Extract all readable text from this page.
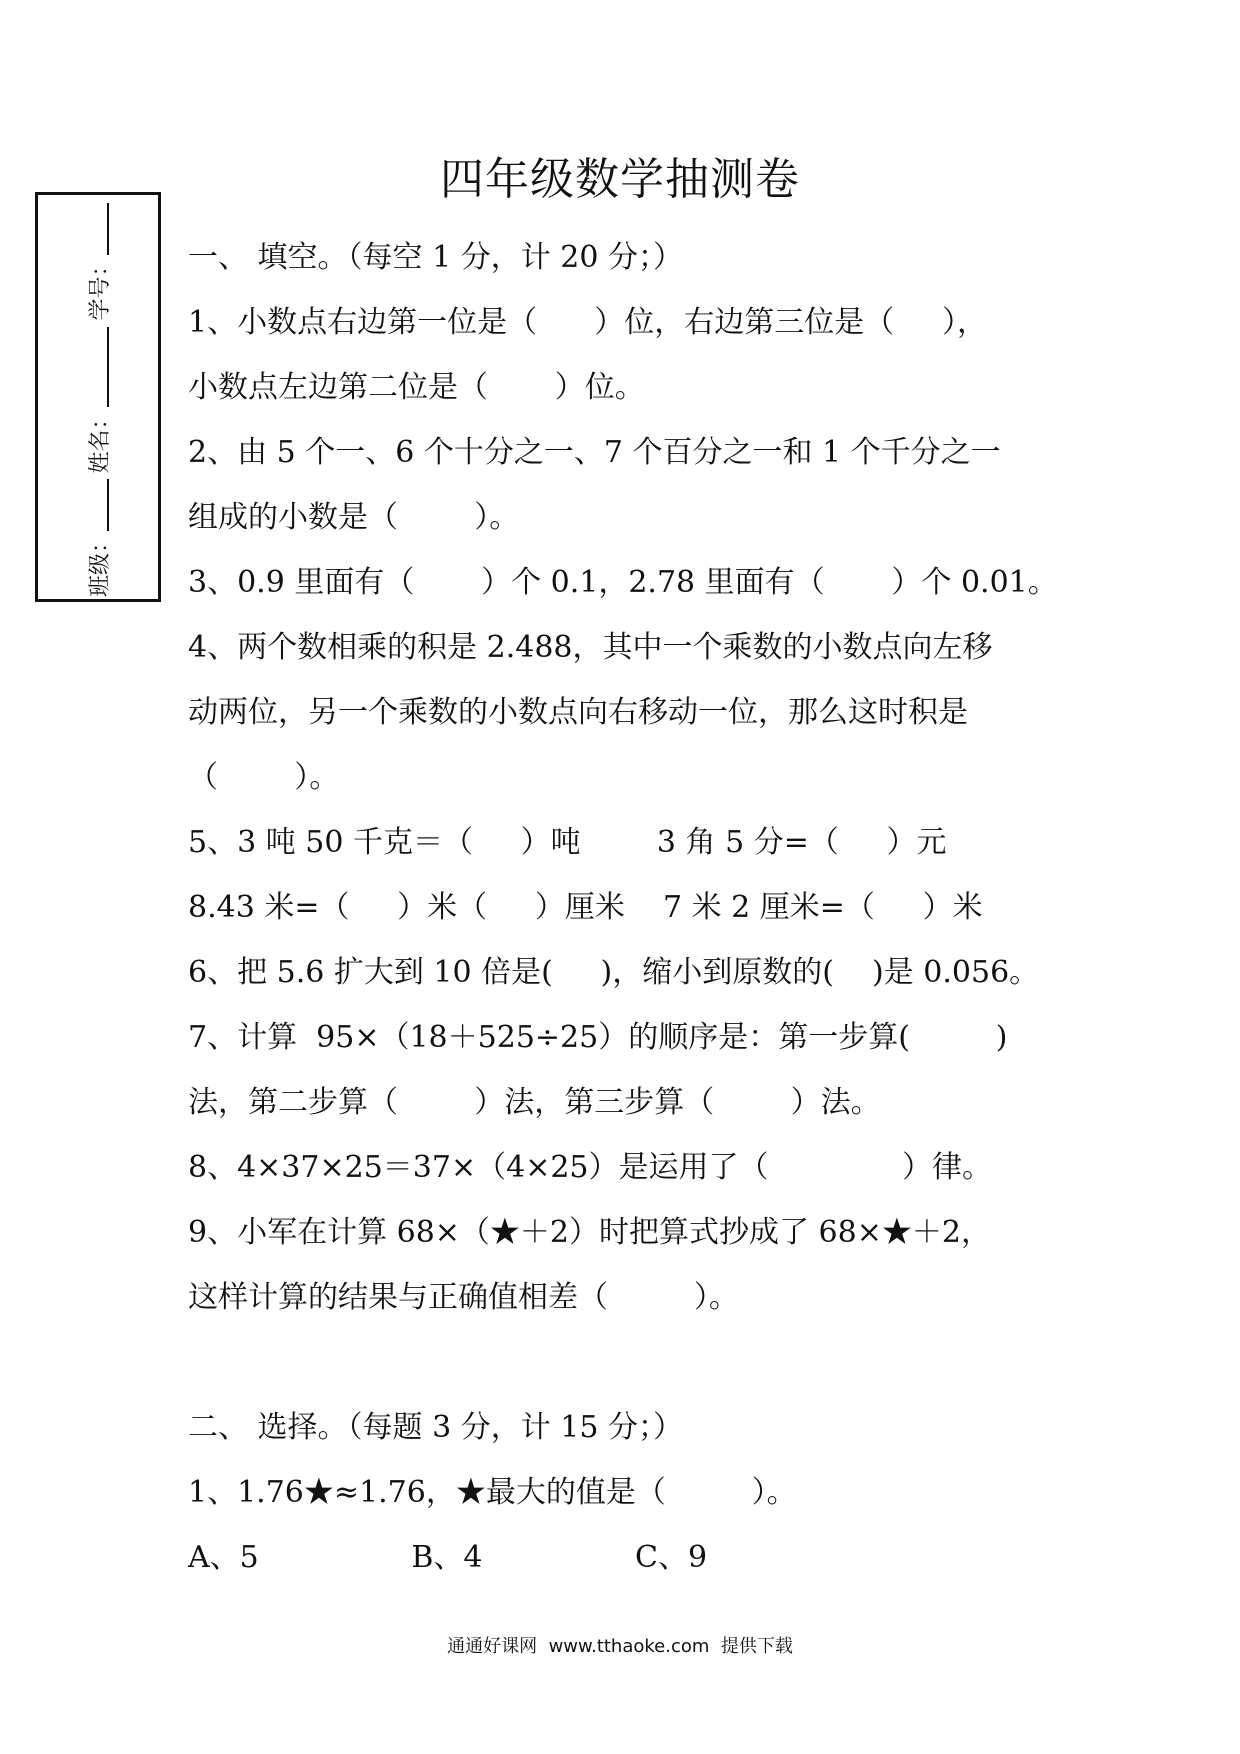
四年级数学抽测卷
班级：
姓名：
学号：	一、 填空。（每空 1 分，计 20 分；）
1、小数点右边第一位是（      ）位，右边第三位是（     ），
小数点左边第二位是（       ）位。
2、由 5 个一、6 个十分之一、7 个百分之一和 1 个千分之一
组成的小数是（        ）。
3、0.9 里面有（       ）个 0.1，2.78 里面有（       ）个 0.01。
4、两个数相乘的积是 2.488，其中一个乘数的小数点向左移
动两位，另一个乘数的小数点向右移动一位，那么这时积是
（        ）。
5、3 吨 50 千克＝（     ）吨        3 角 5 分=（     ）元
8.43 米=（     ）米（     ）厘米    7 米 2 厘米=（     ）米
6、把 5.6 扩大到 10 倍是(     )，缩小到原数的(    )是 0.056。
7、计算  95×（18＋525÷25）的顺序是：第一步算(         )
法，第二步算（        ）法，第三步算（        ）法。
8、4×37×25＝37×（4×25）是运用了（              ）律。
9、小军在计算 68×（★＋2）时把算式抄成了 68×★＋2，
这样计算的结果与正确值相差（         ）。
二、 选择。（每题 3 分，计 15 分；）
1、1.76★≈1.76，★最大的值是（         ）。
A、5                B、4                C、9
通通好课网  www.tthaoke.com  提供下载
